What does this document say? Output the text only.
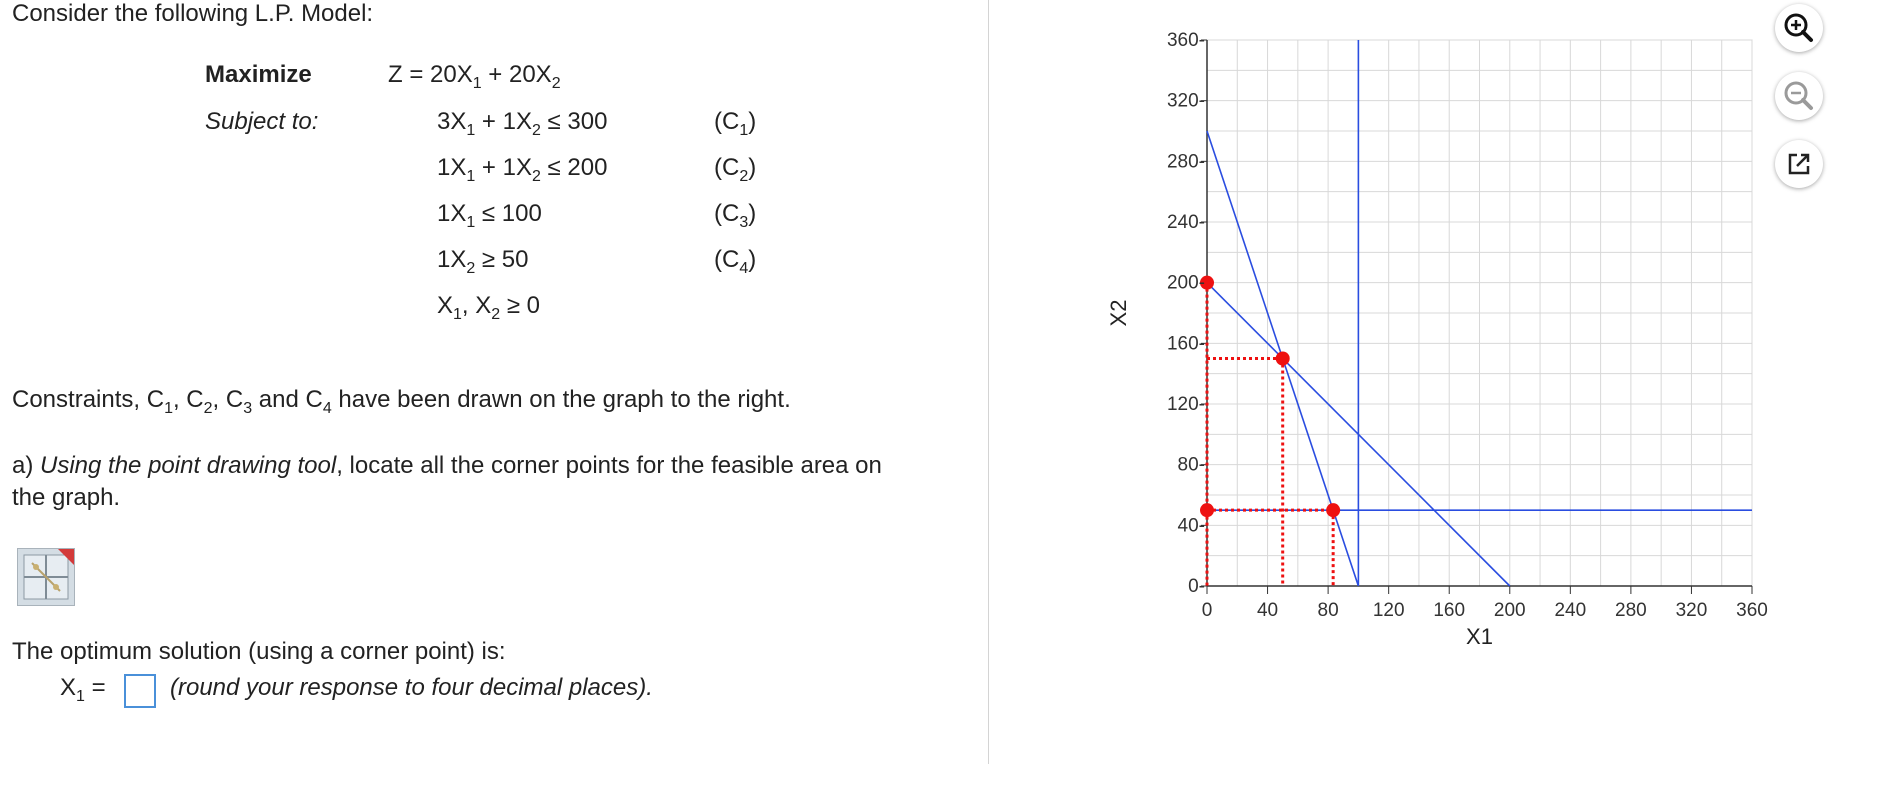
Consider the following L.P. Model:
Maximize
Subject to:
$Z = 20X_1 + 20X_2$
$3X_1 + 1X_2 \le 300$	$(C_1)$
$1X_1 + 1X_2 \le 200$	$(C_2)$
$1X_1 \le 100$	$(C_3)$
$1X_2 \ge 50$	$(C_4)$
$X_1$, $X_2 \ge 0$
Constraints, $C_1$, $C_2$, $C_3$ and $C_4$ have been drawn on the graph to the right.
a) Using the point drawing tool, locate all the corner points for the feasible area on
the graph.
The optimum solution (using a corner point) is:
$X_1$ =	(round your response to four decimal places).
0 40 80 120 160 200 240 280 320 360
0-
40-
80-
120-
160-
200-
240-
280-
320-
360-
X1
X2
